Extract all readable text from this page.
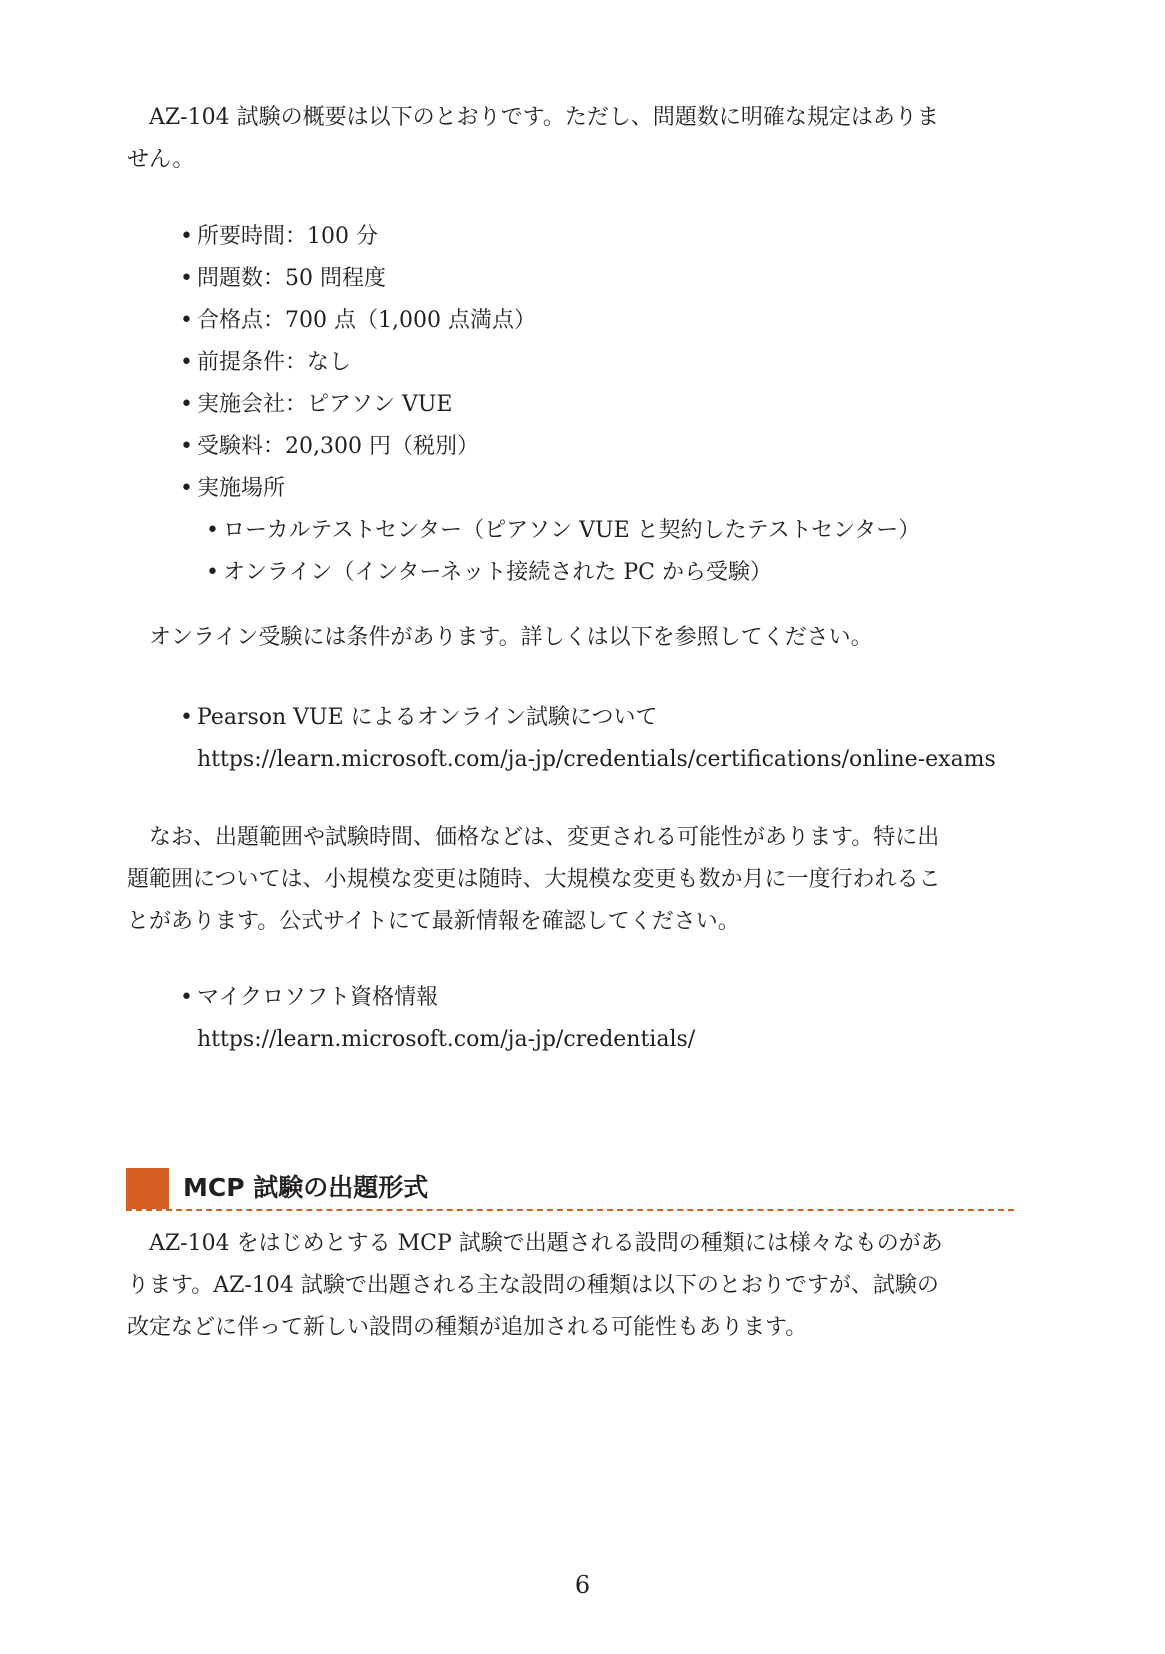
AZ-104 試験の概要は以下のとおりです。ただし、問題数に明確な規定はありま
せん。

• 所要時間：100 分
• 問題数：50 問程度
• 合格点：700 点（1,000 点満点）
• 前提条件：なし
• 実施会社：ピアソン VUE
• 受験料：20,300 円（税別）
• 実施場所
• ローカルテストセンター（ピアソン VUE と契約したテストセンター）
• オンライン（インターネット接続された PC から受験）

オンライン受験には条件があります。詳しくは以下を参照してください。

• Pearson VUE によるオンライン試験について
https://learn.microsoft.com/ja-jp/credentials/certifications/online-exams

なお、出題範囲や試験時間、価格などは、変更される可能性があります。特に出
題範囲については、小規模な変更は随時、大規模な変更も数か月に一度行われるこ
とがあります。公式サイトにて最新情報を確認してください。

• マイクロソフト資格情報
https://learn.microsoft.com/ja-jp/credentials/
MCP 試験の出題形式

AZ-104 をはじめとする MCP 試験で出題される設問の種類には様々なものがあ
ります。AZ-104 試験で出題される主な設問の種類は以下のとおりですが、試験の
改定などに伴って新しい設問の種類が追加される可能性もあります。

6
